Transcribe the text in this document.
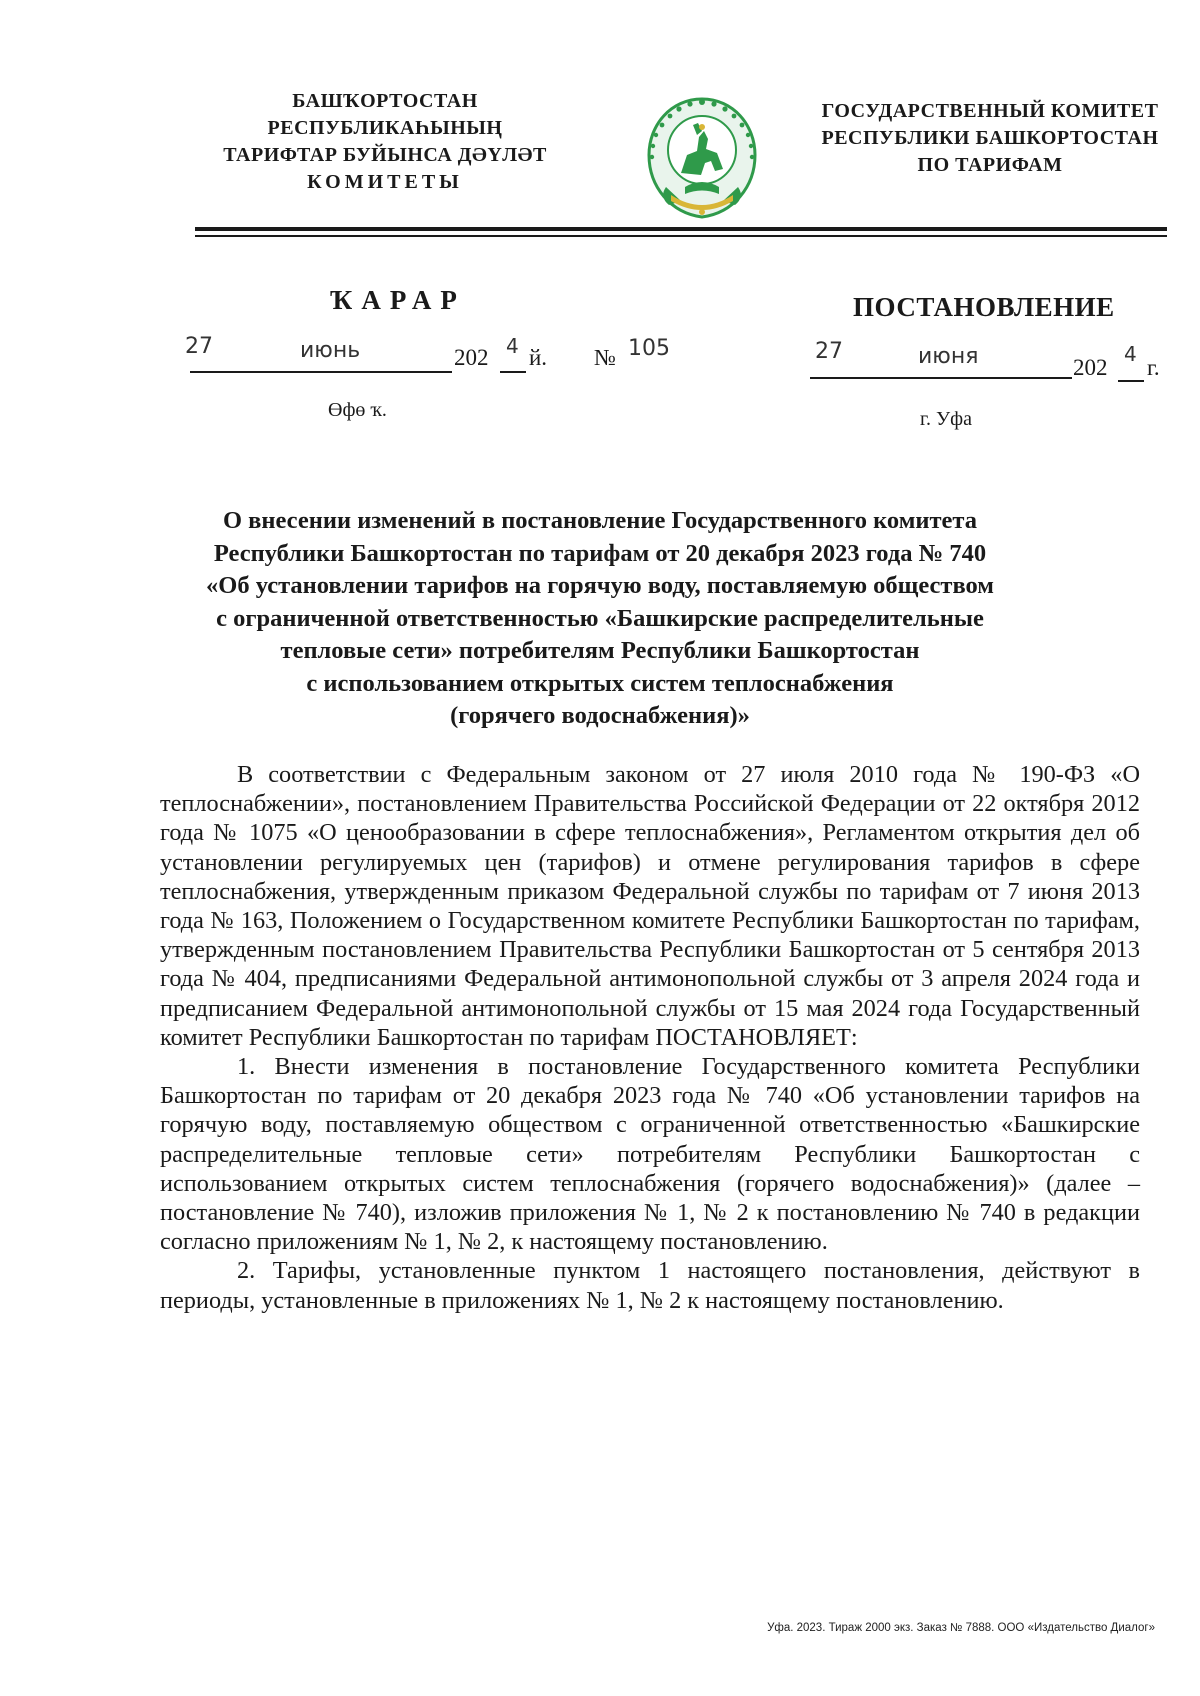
БАШҠОРТОСТАН РЕСПУБЛИКАҺЫНЫҢ
ТАРИФТАР БУЙЫНСА ДӘҮЛӘТ
КОМИТЕТЫ
ГОСУДАРСТВЕННЫЙ КОМИТЕТ
РЕСПУБЛИКИ БАШКОРТОСТАН
ПО ТАРИФАМ
ҠАРАР	ПОСТАНОВЛЕНИЕ
27	июнь	202 4 й. № 105	27	июня	202
4
г.
Өфө ҡ.	г. Уфа
О внесении изменений в постановление Государственного комитета
Республики Башкортостан по тарифам от 20 декабря 2023 года № 740
«Об установлении тарифов на горячую воду, поставляемую обществом
с ограниченной ответственностью «Башкирские распределительные
тепловые сети» потребителям Республики Башкортостан
с использованием открытых систем теплоснабжения
(горячего водоснабжения)»

В соответствии с Федеральным законом от 27 июля 2010 года № 190-ФЗ «О теплоснабжении», постановлением Правительства Российской Федерации от 22 октября 2012 года № 1075 «О ценообразовании в сфере теплоснабжения», Регламентом открытия дел об установлении регулируемых цен (тарифов) и отмене регулирования тарифов в сфере теплоснабжения, утвержденным приказом Федеральной службы по тарифам от 7 июня 2013 года № 163, Положением о Государственном комитете Республики Башкортостан по тарифам, утвержденным постановлением Правительства Республики Башкортостан от 5 сентября 2013 года № 404, предписаниями Федеральной антимонопольной службы от 3 апреля 2024 года и предписанием Федеральной антимонопольной службы от 15 мая 2024 года Государственный комитет Республики Башкортостан по тарифам ПОСТАНОВЛЯЕТ:

1. Внести изменения в постановление Государственного комитета Республики Башкортостан по тарифам от 20 декабря 2023 года № 740 «Об установлении тарифов на горячую воду, поставляемую обществом с ограниченной ответственностью «Башкирские распределительные тепловые сети» потребителям Республики Башкортостан с использованием открытых систем теплоснабжения (горячего водоснабжения)» (далее – постановление № 740), изложив приложения № 1, № 2 к постановлению № 740 в редакции согласно приложениям № 1, № 2, к настоящему постановлению.

2. Тарифы, установленные пунктом 1 настоящего постановления, действуют в периоды, установленные в приложениях № 1, № 2 к настоящему постановлению.

Уфа. 2023. Тираж 2000 экз. Заказ № 7888. ООО «Издательство Диалог»
